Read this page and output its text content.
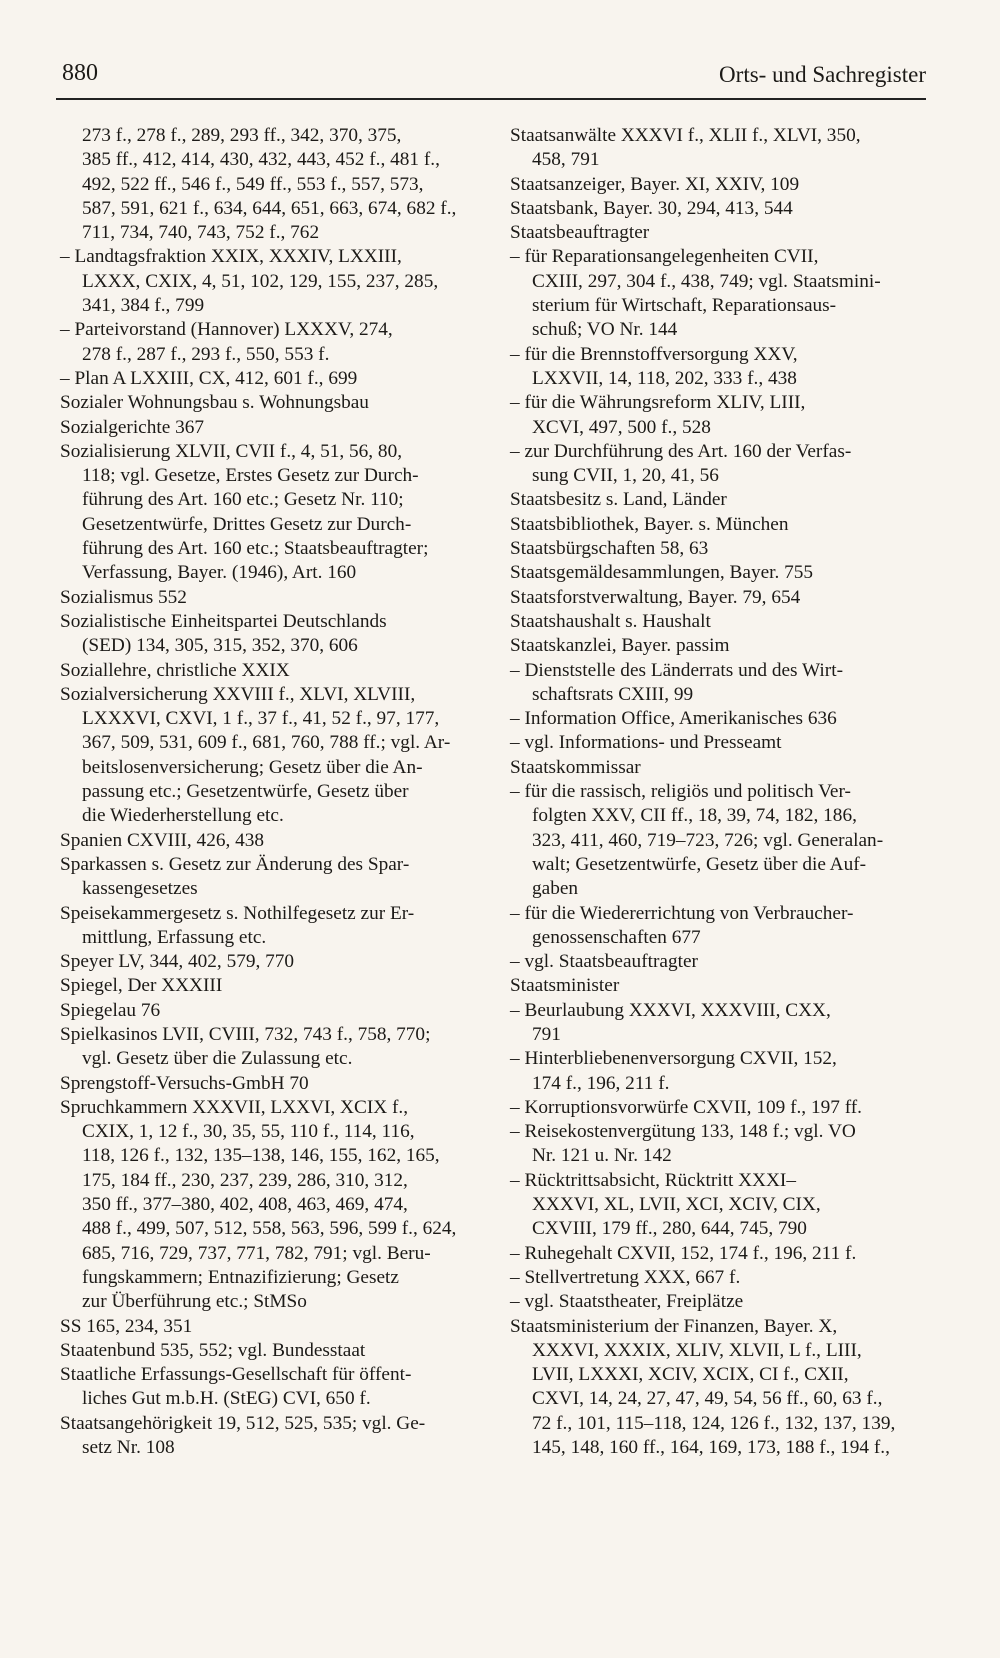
880	Orts- und Sachregister
273 f., 278 f., 289, 293 ff., 342, 370, 375,
385 ff., 412, 414, 430, 432, 443, 452 f., 481 f.,
492, 522 ff., 546 f., 549 ff., 553 f., 557, 573,
587, 591, 621 f., 634, 644, 651, 663, 674, 682 f.,
711, 734, 740, 743, 752 f., 762
– Landtagsfraktion XXIX, XXXIV, LXXIII,
LXXX, CXIX, 4, 51, 102, 129, 155, 237, 285,
341, 384 f., 799
– Parteivorstand (Hannover) LXXXV, 274,
278 f., 287 f., 293 f., 550, 553 f.
– Plan A LXXIII, CX, 412, 601 f., 699
Sozialer Wohnungsbau s. Wohnungsbau
Sozialgerichte 367
Sozialisierung XLVII, CVII f., 4, 51, 56, 80,
118; vgl. Gesetze, Erstes Gesetz zur Durch-
führung des Art. 160 etc.; Gesetz Nr. 110;
Gesetzentwürfe, Drittes Gesetz zur Durch-
führung des Art. 160 etc.; Staatsbeauftragter;
Verfassung, Bayer. (1946), Art. 160
Sozialismus 552
Sozialistische Einheitspartei Deutschlands
(SED) 134, 305, 315, 352, 370, 606
Soziallehre, christliche XXIX
Sozialversicherung XXVIII f., XLVI, XLVIII,
LXXXVI, CXVI, 1 f., 37 f., 41, 52 f., 97, 177,
367, 509, 531, 609 f., 681, 760, 788 ff.; vgl. Ar-
beitslosenversicherung; Gesetz über die An-
passung etc.; Gesetzentwürfe, Gesetz über
die Wiederherstellung etc.
Spanien CXVIII, 426, 438
Sparkassen s. Gesetz zur Änderung des Spar-
kassengesetzes
Speisekammergesetz s. Nothilfegesetz zur Er-
mittlung, Erfassung etc.
Speyer LV, 344, 402, 579, 770
Spiegel, Der XXXIII
Spiegelau 76
Spielkasinos LVII, CVIII, 732, 743 f., 758, 770;
vgl. Gesetz über die Zulassung etc.
Sprengstoff-Versuchs-GmbH 70
Spruchkammern XXXVII, LXXVI, XCIX f.,
CXIX, 1, 12 f., 30, 35, 55, 110 f., 114, 116,
118, 126 f., 132, 135–138, 146, 155, 162, 165,
175, 184 ff., 230, 237, 239, 286, 310, 312,
350 ff., 377–380, 402, 408, 463, 469, 474,
488 f., 499, 507, 512, 558, 563, 596, 599 f., 624,
685, 716, 729, 737, 771, 782, 791; vgl. Beru-
fungskammern; Entnazifizierung; Gesetz
zur Überführung etc.; StMSo
SS 165, 234, 351
Staatenbund 535, 552; vgl. Bundesstaat
Staatliche Erfassungs-Gesellschaft für öffent-
liches Gut m.b.H. (StEG) CVI, 650 f.
Staatsangehörigkeit 19, 512, 525, 535; vgl. Ge-
setz Nr. 108
Staatsanwälte XXXVI f., XLII f., XLVI, 350,
458, 791
Staatsanzeiger, Bayer. XI, XXIV, 109
Staatsbank, Bayer. 30, 294, 413, 544
Staatsbeauftragter
– für Reparationsangelegenheiten CVII,
CXIII, 297, 304 f., 438, 749; vgl. Staatsmini-
sterium für Wirtschaft, Reparationsaus-
schuß; VO Nr. 144
– für die Brennstoffversorgung XXV,
LXXVII, 14, 118, 202, 333 f., 438
– für die Währungsreform XLIV, LIII,
XCVI, 497, 500 f., 528
– zur Durchführung des Art. 160 der Verfas-
sung CVII, 1, 20, 41, 56
Staatsbesitz s. Land, Länder
Staatsbibliothek, Bayer. s. München
Staatsbürgschaften 58, 63
Staatsgemäldesammlungen, Bayer. 755
Staatsforstverwaltung, Bayer. 79, 654
Staatshaushalt s. Haushalt
Staatskanzlei, Bayer. passim
– Dienststelle des Länderrats und des Wirt-
schaftsrats CXIII, 99
– Information Office, Amerikanisches 636
– vgl. Informations- und Presseamt
Staatskommissar
– für die rassisch, religiös und politisch Ver-
folgten XXV, CII ff., 18, 39, 74, 182, 186,
323, 411, 460, 719–723, 726; vgl. Generalan-
walt; Gesetzentwürfe, Gesetz über die Auf-
gaben
– für die Wiedererrichtung von Verbraucher-
genossenschaften 677
– vgl. Staatsbeauftragter
Staatsminister
– Beurlaubung XXXVI, XXXVIII, CXX,
791
– Hinterbliebenenversorgung CXVII, 152,
174 f., 196, 211 f.
– Korruptionsvorwürfe CXVII, 109 f., 197 ff.
– Reisekostenvergütung 133, 148 f.; vgl. VO
Nr. 121 u. Nr. 142
– Rücktrittsabsicht, Rücktritt XXXI–
XXXVI, XL, LVII, XCI, XCIV, CIX,
CXVIII, 179 ff., 280, 644, 745, 790
– Ruhegehalt CXVII, 152, 174 f., 196, 211 f.
– Stellvertretung XXX, 667 f.
– vgl. Staatstheater, Freiplätze
Staatsministerium der Finanzen, Bayer. X,
XXXVI, XXXIX, XLIV, XLVII, L f., LIII,
LVII, LXXXI, XCIV, XCIX, CI f., CXII,
CXVI, 14, 24, 27, 47, 49, 54, 56 ff., 60, 63 f.,
72 f., 101, 115–118, 124, 126 f., 132, 137, 139,
145, 148, 160 ff., 164, 169, 173, 188 f., 194 f.,
